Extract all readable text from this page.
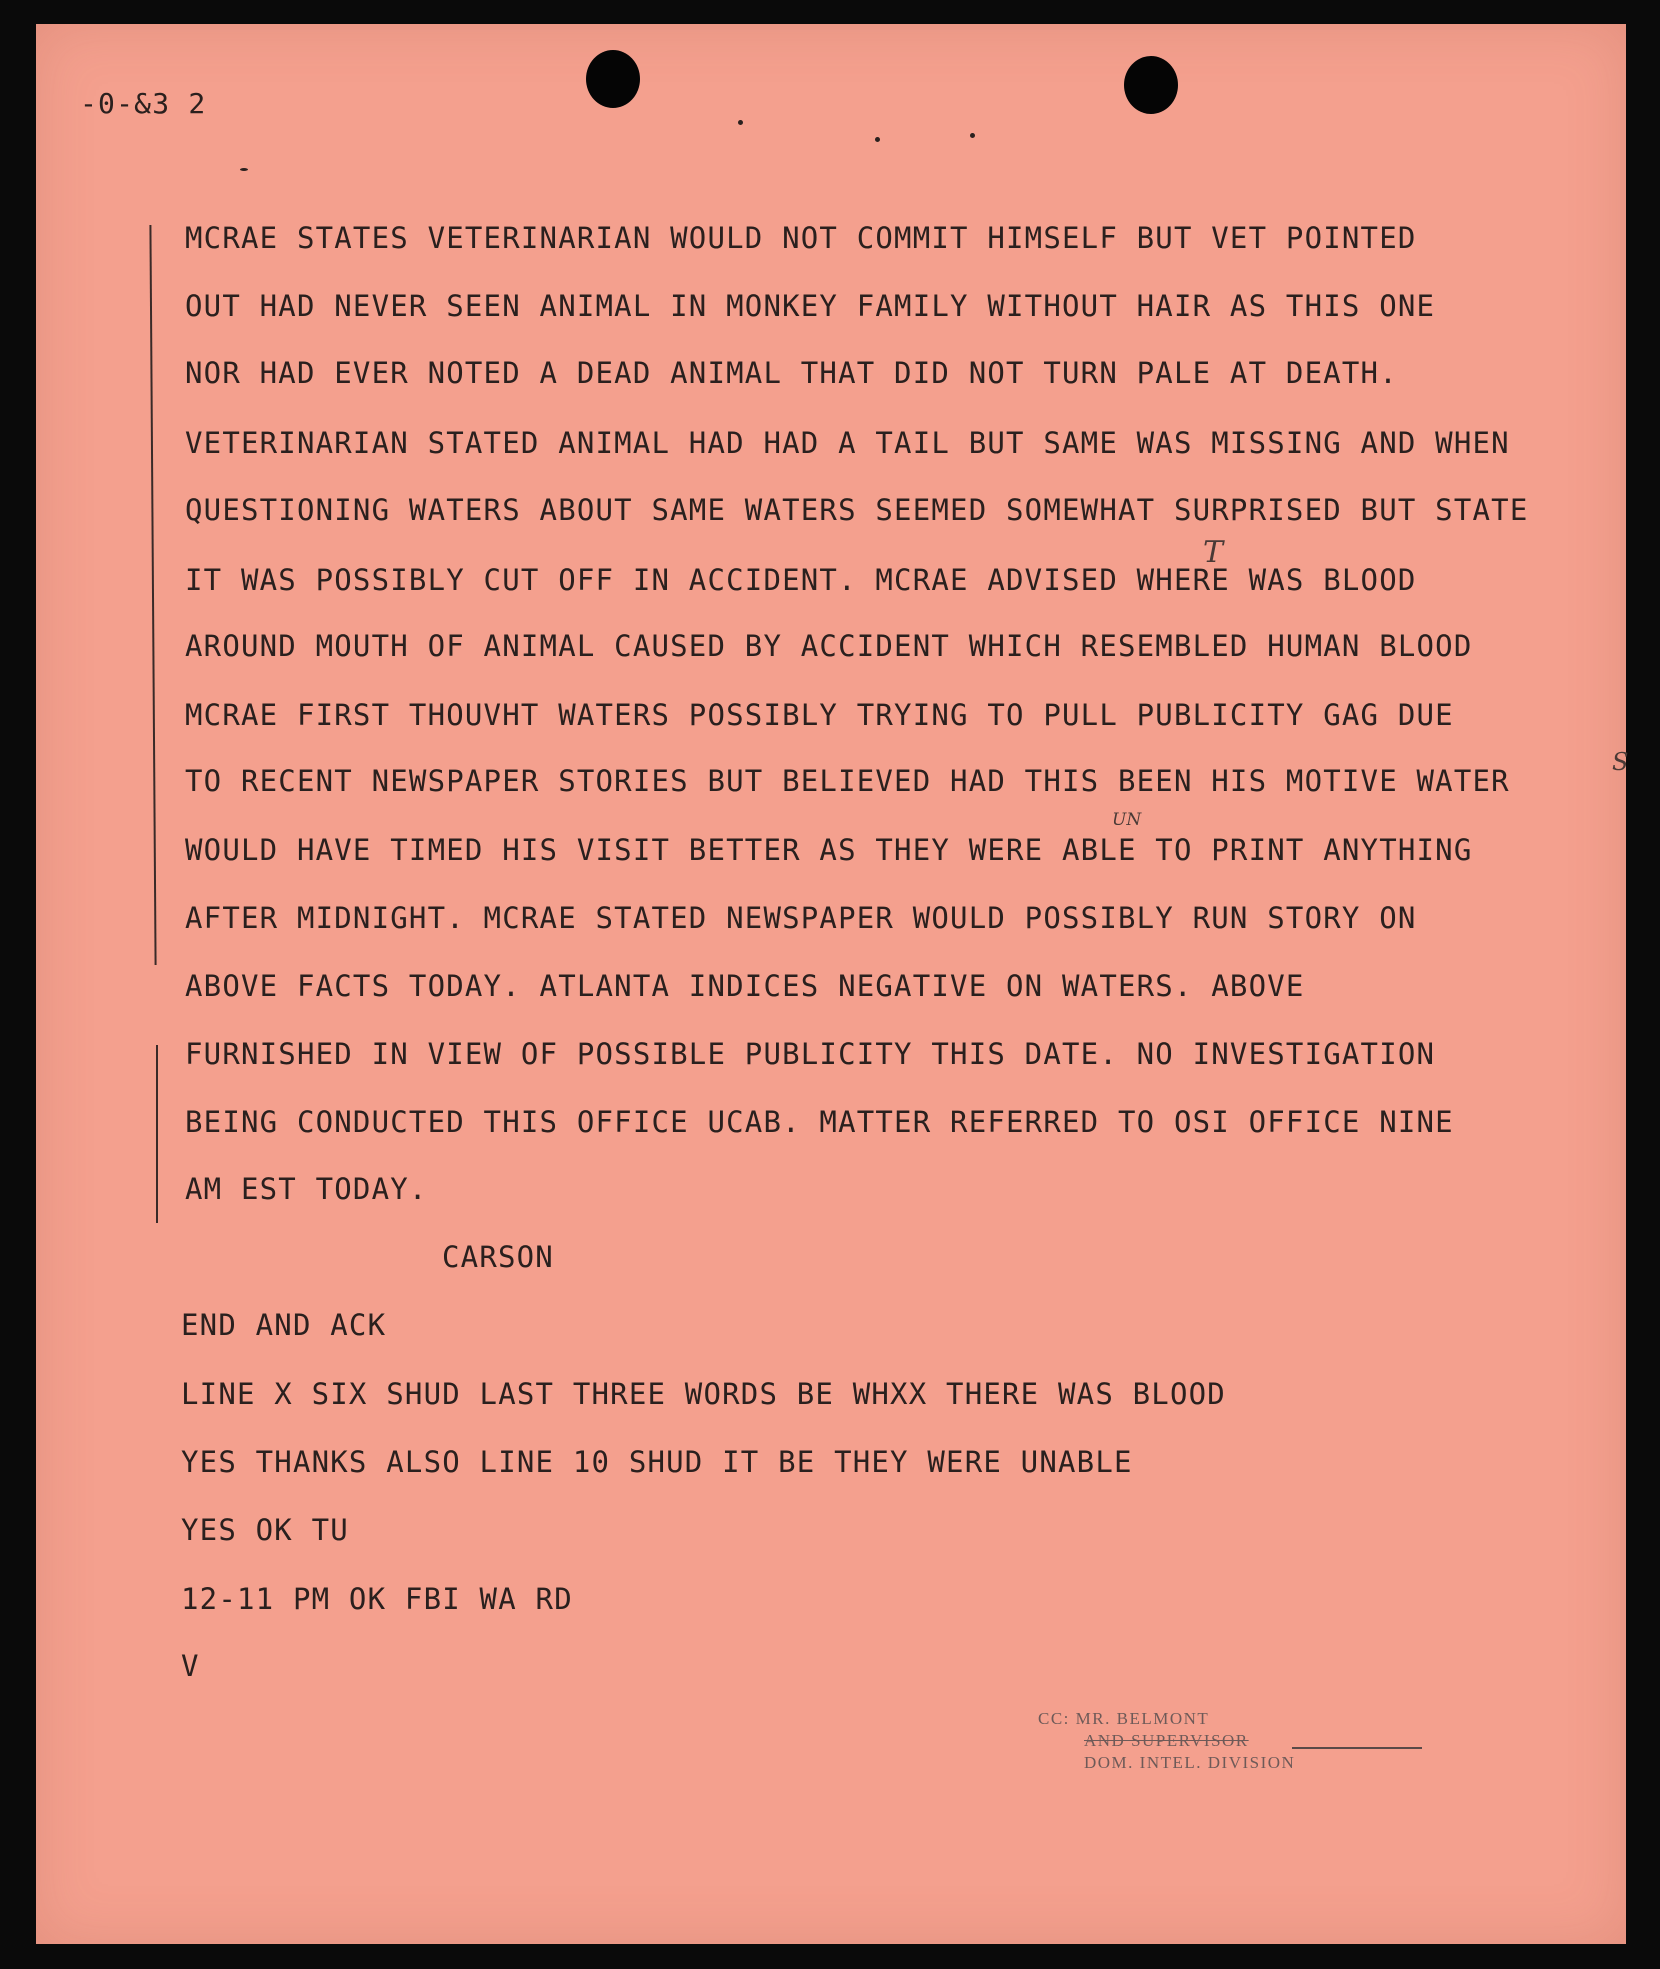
-0-&3 2
MCRAE STATES VETERINARIAN WOULD NOT COMMIT HIMSELF BUT VET POINTED
OUT HAD NEVER SEEN ANIMAL IN MONKEY FAMILY WITHOUT HAIR AS THIS ONE
NOR HAD EVER NOTED A DEAD ANIMAL THAT DID NOT TURN PALE AT DEATH.
VETERINARIAN STATED ANIMAL HAD HAD A TAIL BUT SAME WAS MISSING AND WHEN
QUESTIONING WATERS ABOUT SAME WATERS SEEMED SOMEWHAT SURPRISED BUT STATE
IT WAS POSSIBLY CUT OFF IN ACCIDENT. MCRAE ADVISED WHERE WAS BLOOD
AROUND MOUTH OF ANIMAL CAUSED BY ACCIDENT WHICH RESEMBLED HUMAN BLOOD
MCRAE FIRST THOUVHT WATERS POSSIBLY TRYING TO PULL PUBLICITY GAG DUE
TO RECENT NEWSPAPER STORIES BUT BELIEVED HAD THIS BEEN HIS MOTIVE WATER
WOULD HAVE TIMED HIS VISIT BETTER AS THEY WERE ABLE TO PRINT ANYTHING
AFTER MIDNIGHT. MCRAE STATED NEWSPAPER WOULD POSSIBLY RUN STORY ON
ABOVE FACTS TODAY. ATLANTA INDICES NEGATIVE ON WATERS. ABOVE
FURNISHED IN VIEW OF POSSIBLE PUBLICITY THIS DATE. NO INVESTIGATION
BEING CONDUCTED THIS OFFICE UCAB. MATTER REFERRED TO OSI OFFICE NINE
AM EST TODAY.
T
S
UN
CARSON
END AND ACK
LINE X SIX SHUD LAST THREE WORDS BE WHXX THERE WAS BLOOD
YES THANKS ALSO LINE 10 SHUD IT BE THEY WERE UNABLE
YES OK TU
12-11 PM OK FBI WA RD
V
CC: MR. BELMONT
AND SUPERVISOR
DOM. INTEL. DIVISION
